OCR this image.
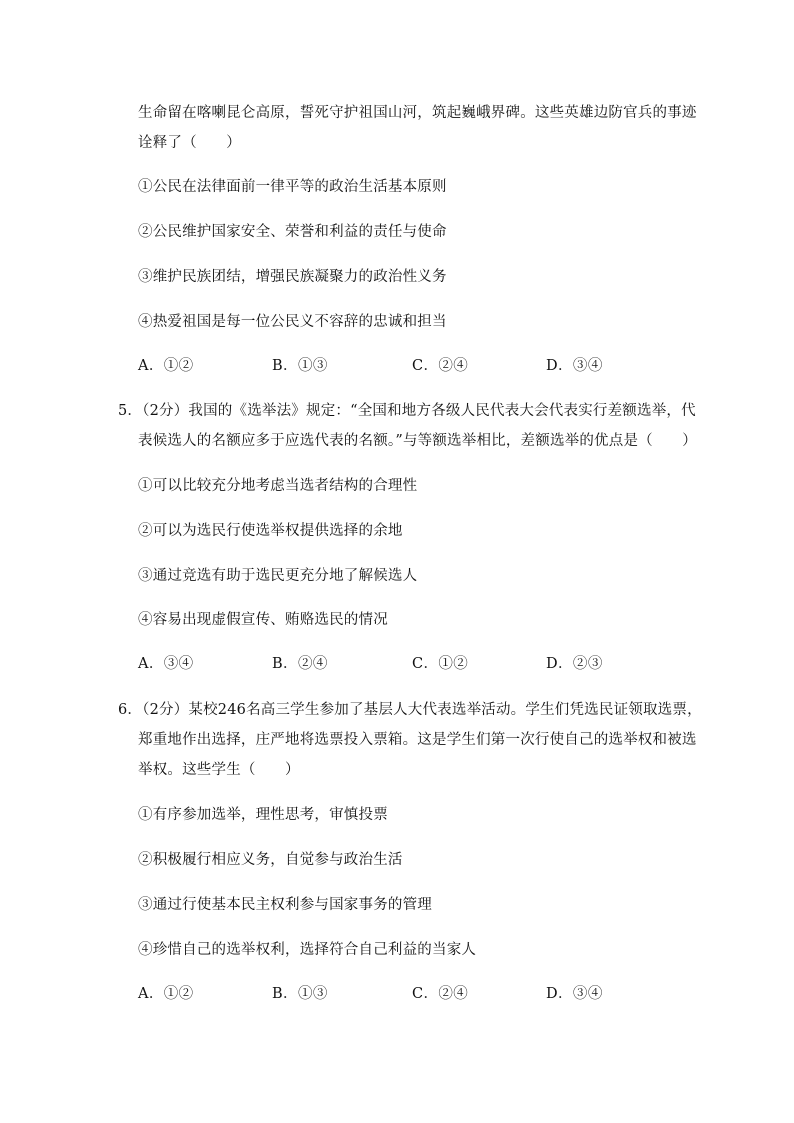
生命留在喀喇昆仑高原，誓死守护祖国山河，筑起巍峨界碑。这些英雄边防官兵的事迹
诠释了（　　）
①公民在法律面前一律平等的政治生活基本原则
②公民维护国家安全、荣誉和利益的责任与使命
③维护民族团结，增强民族凝聚力的政治性义务
④热爱祖国是每一位公民义不容辞的忠诚和担当
A．①②	B．①③	C．②④	D．③④
5．（2分）我国的《选举法》规定：“全国和地方各级人民代表大会代表实行差额选举，代
表候选人的名额应多于应选代表的名额。”与等额选举相比，差额选举的优点是（　　）
①可以比较充分地考虑当选者结构的合理性
②可以为选民行使选举权提供选择的余地
③通过竞选有助于选民更充分地了解候选人
④容易出现虚假宣传、贿赂选民的情况
A．③④	B．②④	C．①②	D．②③
6．（2分）某校246名高三学生参加了基层人大代表选举活动。学生们凭选民证领取选票，
郑重地作出选择，庄严地将选票投入票箱。这是学生们第一次行使自己的选举权和被选
举权。这些学生（　　）
①有序参加选举，理性思考，审慎投票
②积极履行相应义务，自觉参与政治生活
③通过行使基本民主权利参与国家事务的管理
④珍惜自己的选举权利，选择符合自己利益的当家人
A．①②	B．①③	C．②④	D．③④
